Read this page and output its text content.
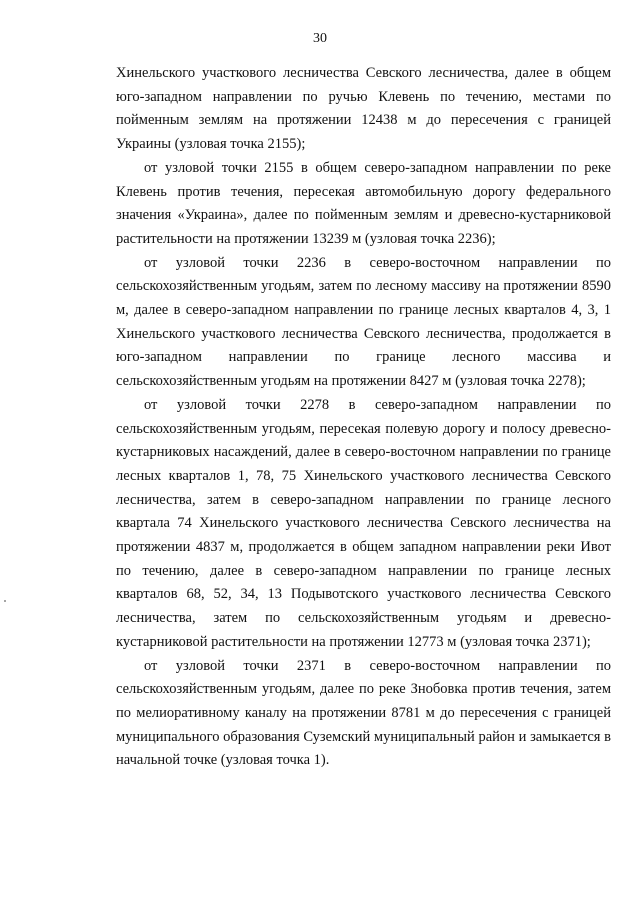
30

Хинельского участкового лесничества Севского лесничества, далее в общем юго-западном направлении по ручью Клевень по течению, местами по пойменным землям на протяжении 12438 м до пересечения с границей Украины (узловая точка 2155);

от узловой точки 2155 в общем северо-западном направлении по реке Клевень против течения, пересекая автомобильную дорогу федерального значения «Украина», далее по пойменным землям и древесно-кустарниковой растительности на протяжении 13239 м (узловая точка 2236);

от узловой точки 2236 в северо-восточном направлении по сельскохозяйственным угодьям, затем по лесному массиву на протяжении 8590 м, далее в северо-западном направлении по границе лесных кварталов 4, 3, 1 Хинельского участкового лесничества Севского лесничества, продолжается в юго-западном направлении по границе лесного массива и сельскохозяйственным угодьям на протяжении 8427 м (узловая точка 2278);

от узловой точки 2278 в северо-западном направлении по сельскохозяйственным угодьям, пересекая полевую дорогу и полосу древесно-кустарниковых насаждений, далее в северо-восточном направлении по границе лесных кварталов 1, 78, 75 Хинельского участкового лесничества Севского лесничества, затем в северо-западном направлении по границе лесного квартала 74 Хинельского участкового лесничества Севского лесничества на протяжении 4837 м, продолжается в общем западном направлении реки Ивот по течению, далее в северо-западном направлении по границе лесных кварталов 68, 52, 34, 13 Подывотского участкового лесничества Севского лесничества, затем по сельскохозяйственным угодьям и древесно-кустарниковой растительности на протяжении 12773 м (узловая точка 2371);

от узловой точки 2371 в северо-восточном направлении по сельскохозяйственным угодьям, далее по реке Знобовка против течения, затем по мелиоративному каналу на протяжении 8781 м до пересечения с границей муниципального образования Суземский муниципальный район и замыкается в начальной точке (узловая точка 1).
